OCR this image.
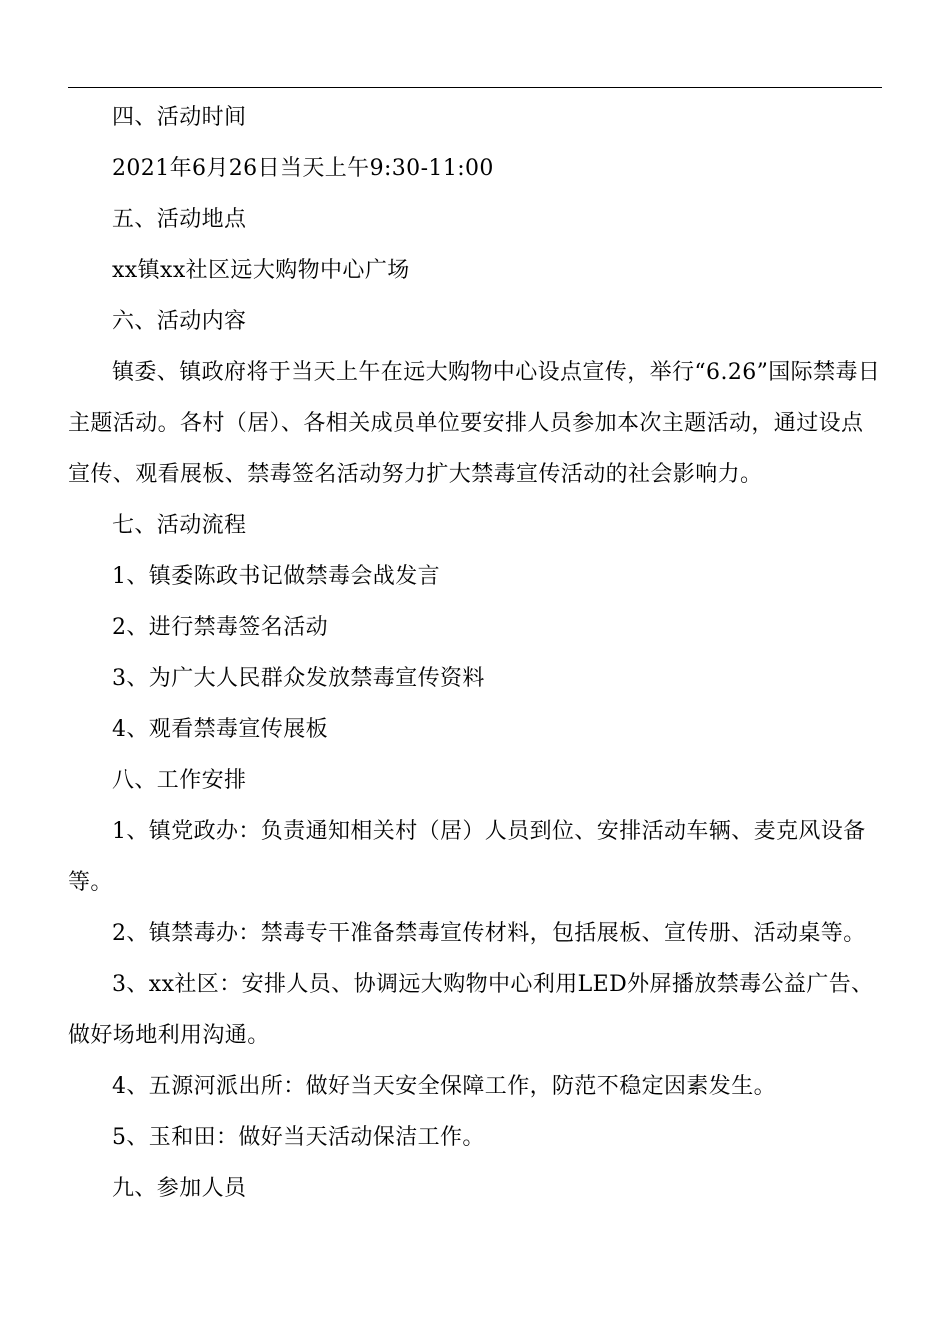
四、活动时间

2021年6月26日当天上午9:30-11:00

五、活动地点

xx镇xx社区远大购物中心广场

六、活动内容

镇委、镇政府将于当天上午在远大购物中心设点宣传，举行“6.26”国际禁毒日主题活动。各村（居）、各相关成员单位要安排人员参加本次主题活动，通过设点宣传、观看展板、禁毒签名活动努力扩大禁毒宣传活动的社会影响力。

七、活动流程

1、镇委陈政书记做禁毒会战发言

2、进行禁毒签名活动

3、为广大人民群众发放禁毒宣传资料

4、观看禁毒宣传展板

八、工作安排

1、镇党政办：负责通知相关村（居）人员到位、安排活动车辆、麦克风设备等。

2、镇禁毒办：禁毒专干准备禁毒宣传材料，包括展板、宣传册、活动桌等。

3、xx社区：安排人员、协调远大购物中心利用LED外屏播放禁毒公益广告、做好场地利用沟通。

4、五源河派出所：做好当天安全保障工作，防范不稳定因素发生。

5、玉和田：做好当天活动保洁工作。

九、参加人员
